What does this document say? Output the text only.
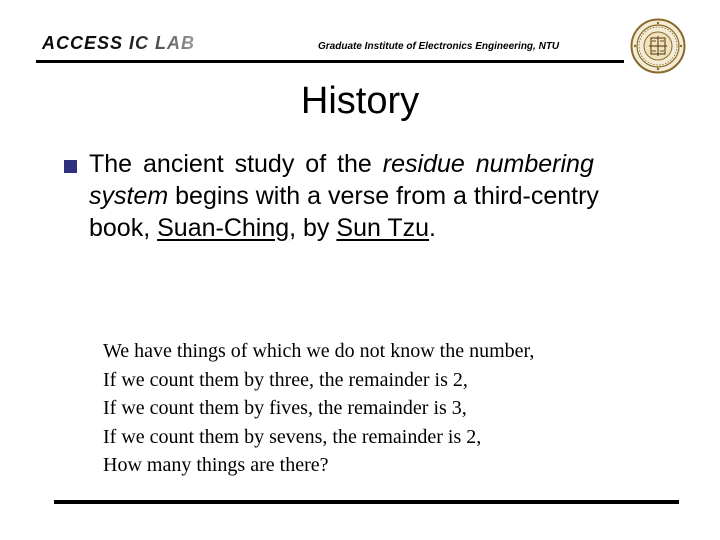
ACCESS IC LAB	Graduate Institute of Electronics Engineering, NTU
History
The ancient study of the residue numbering
system begins with a verse from a third-centry
book, Suan-Ching, by Sun Tzu.
We have things of which we do not know the number,
If we count them by three, the remainder is 2,
If we count them by fives, the remainder is 3,
If we count them by sevens, the remainder is 2,
How many things are there?
